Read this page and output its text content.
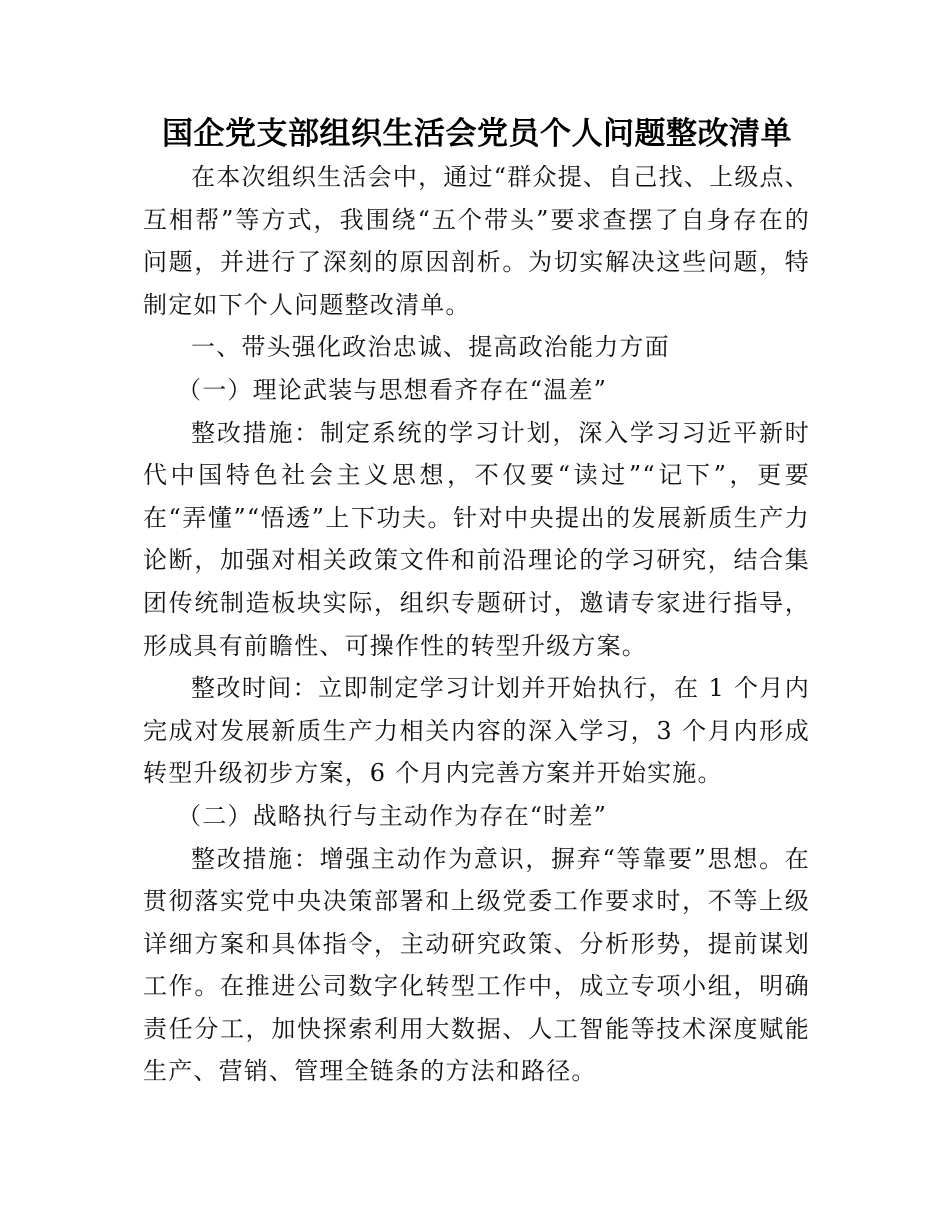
国企党支部组织生活会党员个人问题整改清单

在本次组织生活会中，通过“群众提、自己找、上级点、互相帮”等方式，我围绕“五个带头”要求查摆了自身存在的问题，并进行了深刻的原因剖析。为切实解决这些问题，特制定如下个人问题整改清单。

一、带头强化政治忠诚、提高政治能力方面

（一）理论武装与思想看齐存在“温差”

整改措施：制定系统的学习计划，深入学习习近平新时代中国特色社会主义思想，不仅要“读过”“记下”，更要在“弄懂”“悟透”上下功夫。针对中央提出的发展新质生产力论断，加强对相关政策文件和前沿理论的学习研究，结合集团传统制造板块实际，组织专题研讨，邀请专家进行指导，形成具有前瞻性、可操作性的转型升级方案。

整改时间：立即制定学习计划并开始执行，在 1 个月内完成对发展新质生产力相关内容的深入学习，3 个月内形成转型升级初步方案，6 个月内完善方案并开始实施。

（二）战略执行与主动作为存在“时差”

整改措施：增强主动作为意识，摒弃“等靠要”思想。在贯彻落实党中央决策部署和上级党委工作要求时，不等上级详细方案和具体指令，主动研究政策、分析形势，提前谋划工作。在推进公司数字化转型工作中，成立专项小组，明确责任分工，加快探索利用大数据、人工智能等技术深度赋能生产、营销、管理全链条的方法和路径。
